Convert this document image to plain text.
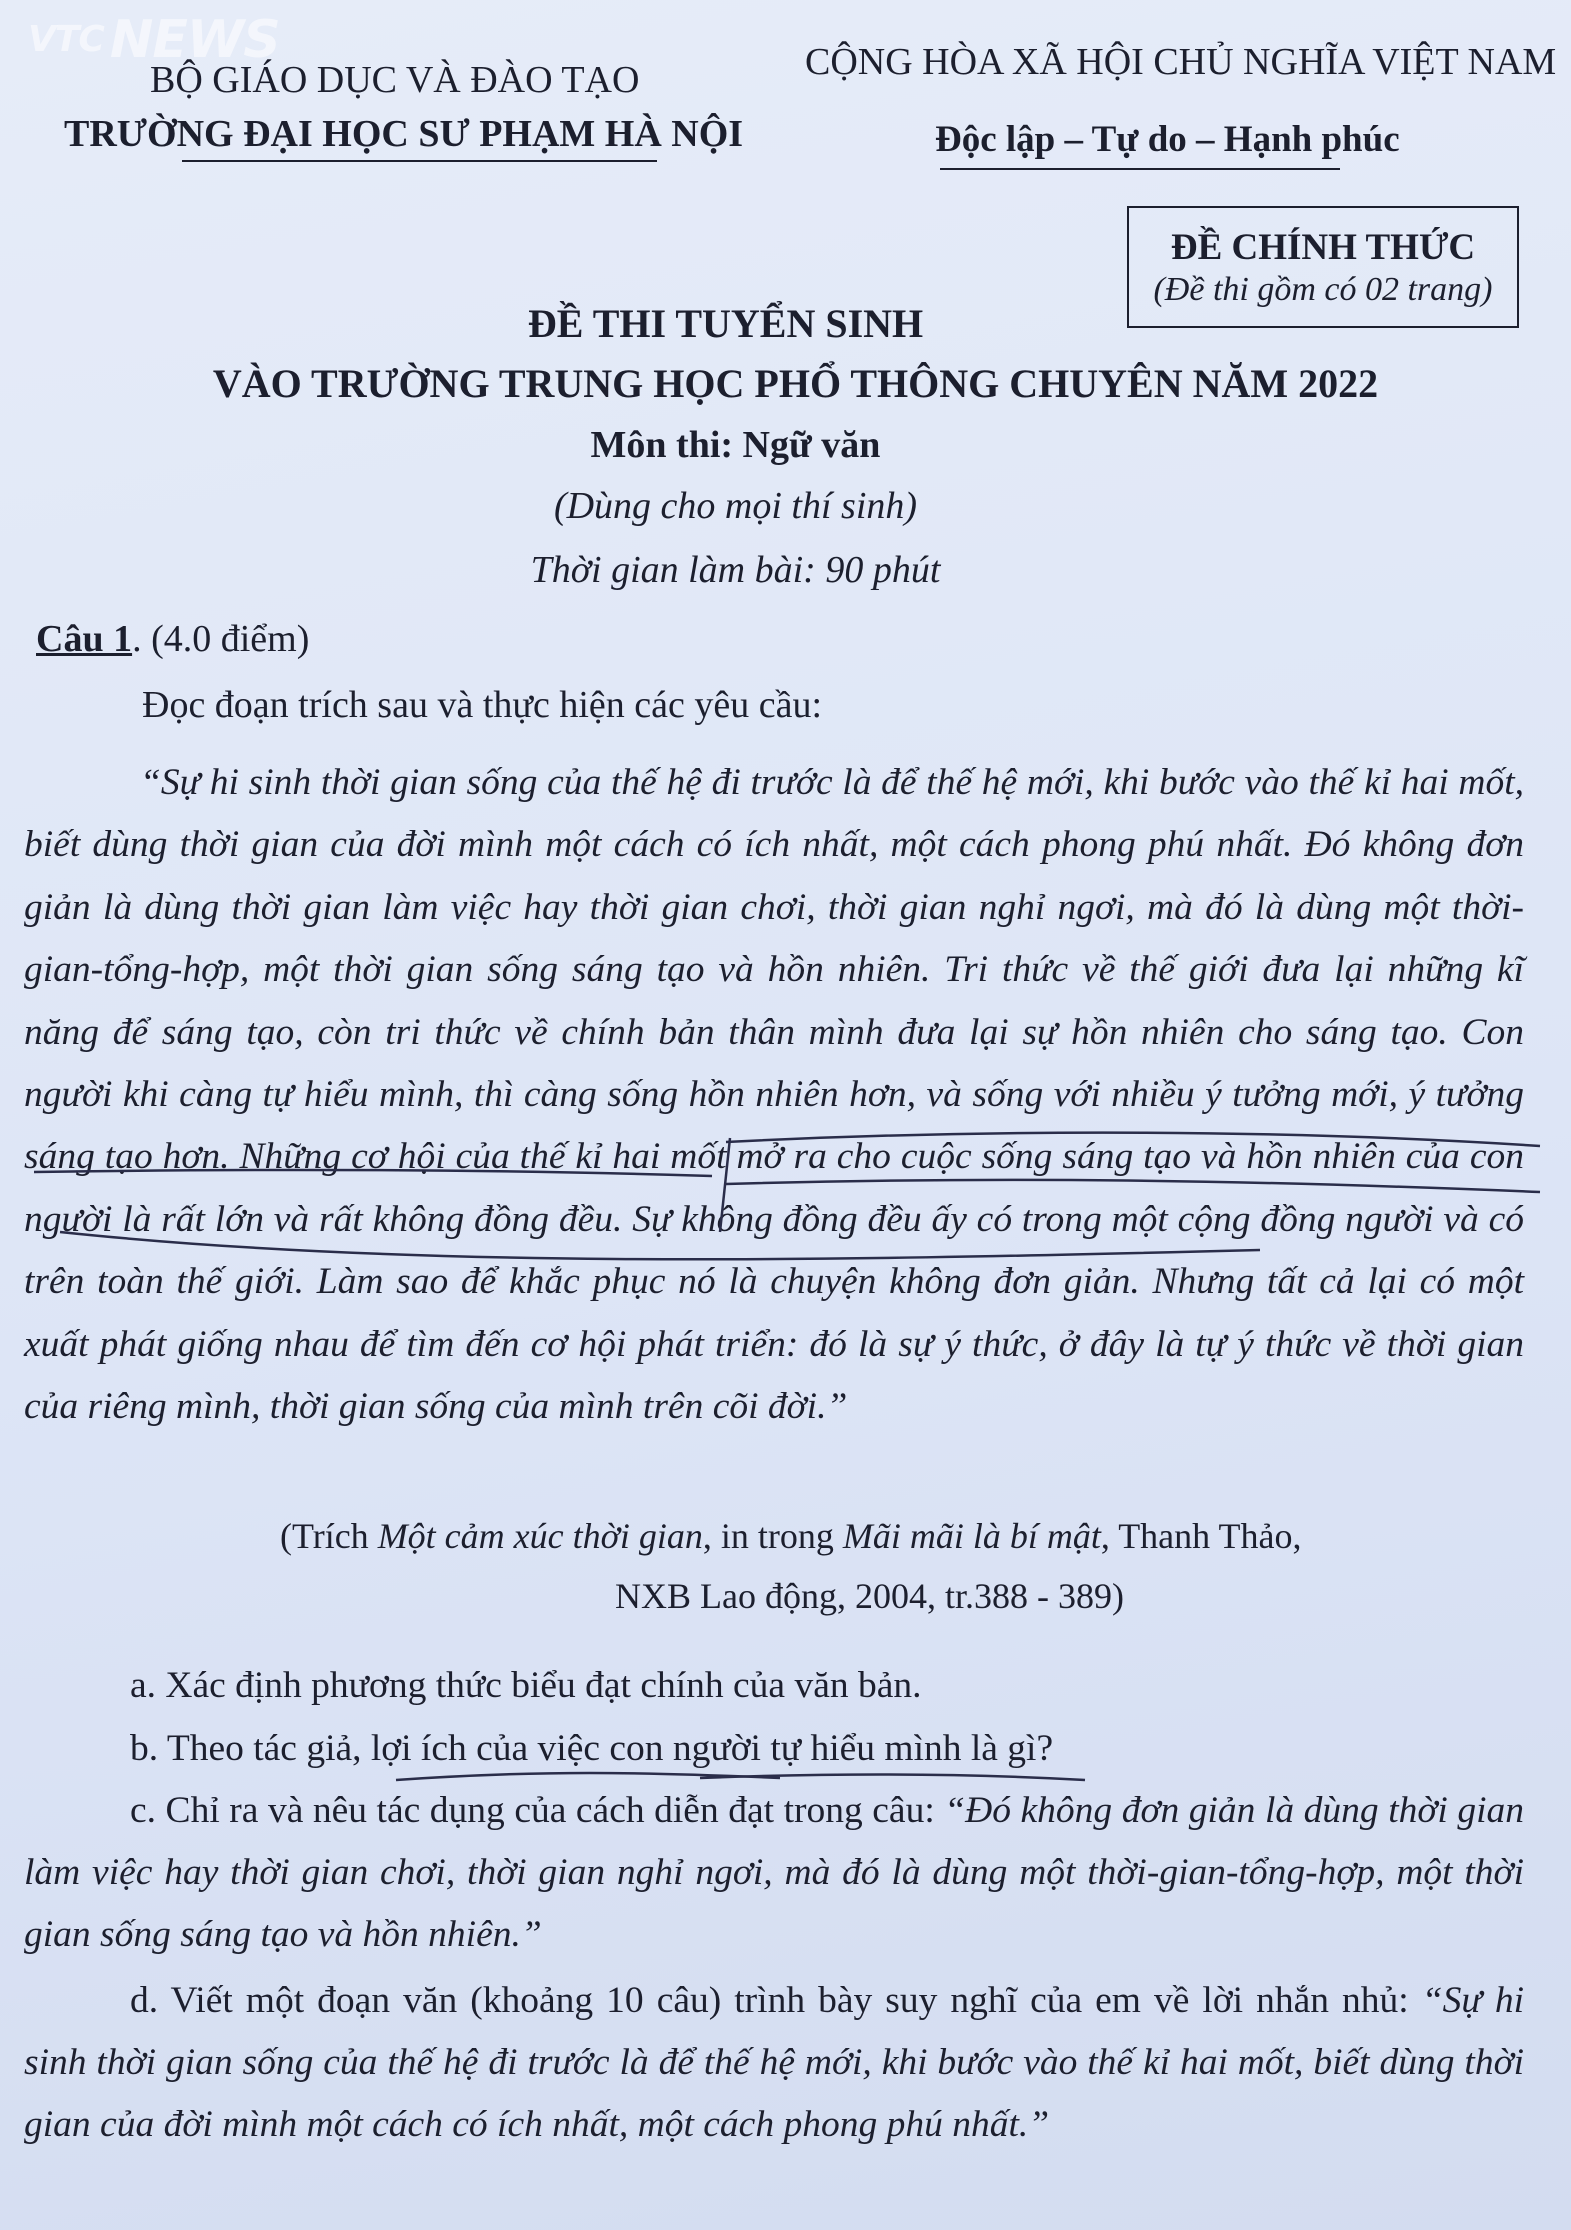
VTC NEWS
BỘ GIÁO DỤC VÀ ĐÀO TẠO
TRƯỜNG ĐẠI HỌC SƯ PHẠM HÀ NỘI
CỘNG HÒA XÃ HỘI CHỦ NGHĨA VIỆT NAM
Độc lập – Tự do – Hạnh phúc
ĐỀ CHÍNH THỨC
(Đề thi gồm có 02 trang)
ĐỀ THI TUYỂN SINH
VÀO TRƯỜNG TRUNG HỌC PHỔ THÔNG CHUYÊN NĂM 2022
Môn thi: Ngữ văn
(Dùng cho mọi thí sinh)
Thời gian làm bài: 90 phút
Câu 1. (4.0 điểm)
Đọc đoạn trích sau và thực hiện các yêu cầu:
“Sự hi sinh thời gian sống của thế hệ đi trước là để thế hệ mới, khi bước vào thế kỉ hai mốt, biết dùng thời gian của đời mình một cách có ích nhất, một cách phong phú nhất. Đó không đơn giản là dùng thời gian làm việc hay thời gian chơi, thời gian nghỉ ngơi, mà đó là dùng một thời-gian-tổng-hợp, một thời gian sống sáng tạo và hồn nhiên. Tri thức về thế giới đưa lại những kĩ năng để sáng tạo, còn tri thức về chính bản thân mình đưa lại sự hồn nhiên cho sáng tạo. Con người khi càng tự hiểu mình, thì càng sống hồn nhiên hơn, và sống với nhiều ý tưởng mới, ý tưởng sáng tạo hơn. Những cơ hội của thế kỉ hai mốt mở ra cho cuộc sống sáng tạo và hồn nhiên của con người là rất lớn và rất không đồng đều. Sự không đồng đều ấy có trong một cộng đồng người và có trên toàn thế giới. Làm sao để khắc phục nó là chuyện không đơn giản. Nhưng tất cả lại có một xuất phát giống nhau để tìm đến cơ hội phát triển: đó là sự ý thức, ở đây là tự ý thức về thời gian của riêng mình, thời gian sống của mình trên cõi đời.”
(Trích Một cảm xúc thời gian, in trong Mãi mãi là bí mật, Thanh Thảo,
NXB Lao động, 2004, tr.388 - 389)
a. Xác định phương thức biểu đạt chính của văn bản.
b. Theo tác giả, lợi ích của việc con người tự hiểu mình là gì?
c. Chỉ ra và nêu tác dụng của cách diễn đạt trong câu: “Đó không đơn giản là dùng thời gian làm việc hay thời gian chơi, thời gian nghỉ ngơi, mà đó là dùng một thời-gian-tổng-hợp, một thời gian sống sáng tạo và hồn nhiên.”
d. Viết một đoạn văn (khoảng 10 câu) trình bày suy nghĩ của em về lời nhắn nhủ: “Sự hi sinh thời gian sống của thế hệ đi trước là để thế hệ mới, khi bước vào thế kỉ hai mốt, biết dùng thời gian của đời mình một cách có ích nhất, một cách phong phú nhất.”
